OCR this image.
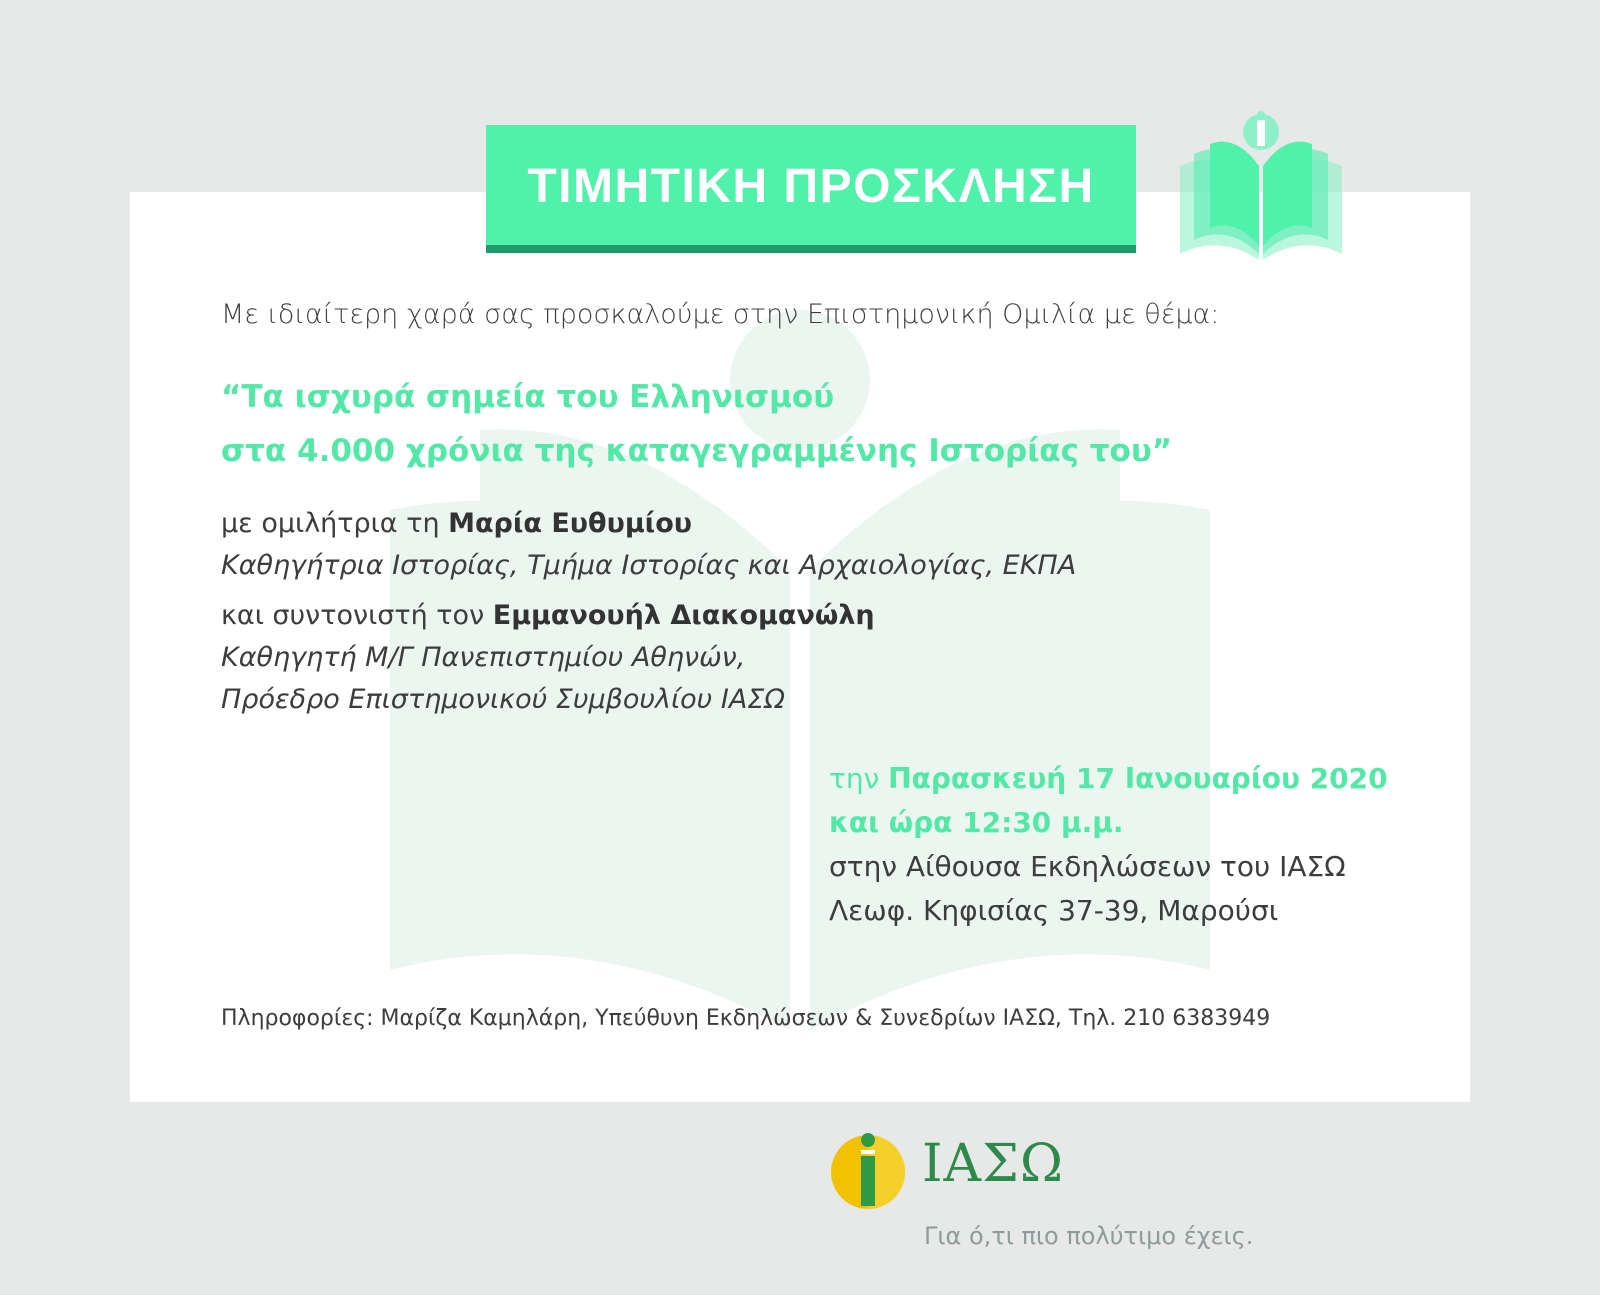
ΤΙΜΗΤΙΚΗ ΠΡΟΣΚΛΗΣΗ
Με ιδιαίτερη χαρά σας προσκαλούμε στην Επιστημονική Ομιλία με θέμα:
“Τα ισχυρά σημεία του Ελληνισμού
στα 4.000 χρόνια της καταγεγραμμένης Ιστορίας του”
με ομιλήτρια τη Μαρία Ευθυμίου
Καθηγήτρια Ιστορίας, Τμήμα Ιστορίας και Αρχαιολογίας, ΕΚΠΑ
και συντονιστή τον Εμμανουήλ Διακομανώλη
Καθηγητή Μ/Γ Πανεπιστημίου Αθηνών,
Πρόεδρο Επιστημονικού Συμβουλίου ΙΑΣΩ
την Παρασκευή 17 Ιανουαρίου 2020
και ώρα 12:30 μ.μ.
στην Αίθουσα Εκδηλώσεων του ΙΑΣΩ
Λεωφ. Κηφισίας 37-39, Μαρούσι
Πληροφορίες: Μαρίζα Καμηλάρη, Υπεύθυνη Εκδηλώσεων & Συνεδρίων ΙΑΣΩ, Τηλ. 210 6383949
ΙΑΣΩ
Για ό,τι πιο πολύτιμο έχεις.
